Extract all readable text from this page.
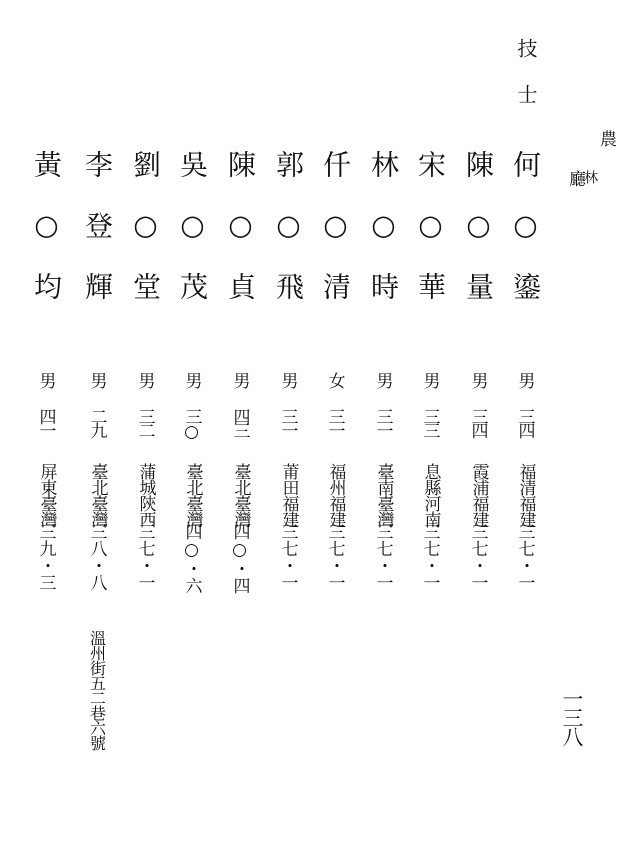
技士
農
林
廳
一三八
何○鎏
男
三四
福建
福清
三七・一
陳○量
男
三四
福建
霞浦
三七・一
宋○華
男
三三
河南
息縣
三七・一
林○時
男
三一
臺灣
臺南
三七・一
仟○清
女
三一
福建
福州
三七・一
郭○飛
男
三一
福建
莆田
三七・一
陳○貞
男
四三
臺灣
臺北
四○・四
吳○茂
男
三○
臺灣
臺北
四○・六
劉○堂
男
三二
陝西
蒲城
三七・一
李登輝
男
二九
臺灣
臺北
三八・八
溫州街五二巷六號
黃○均
男
四一
臺灣
屏東
三九・三
